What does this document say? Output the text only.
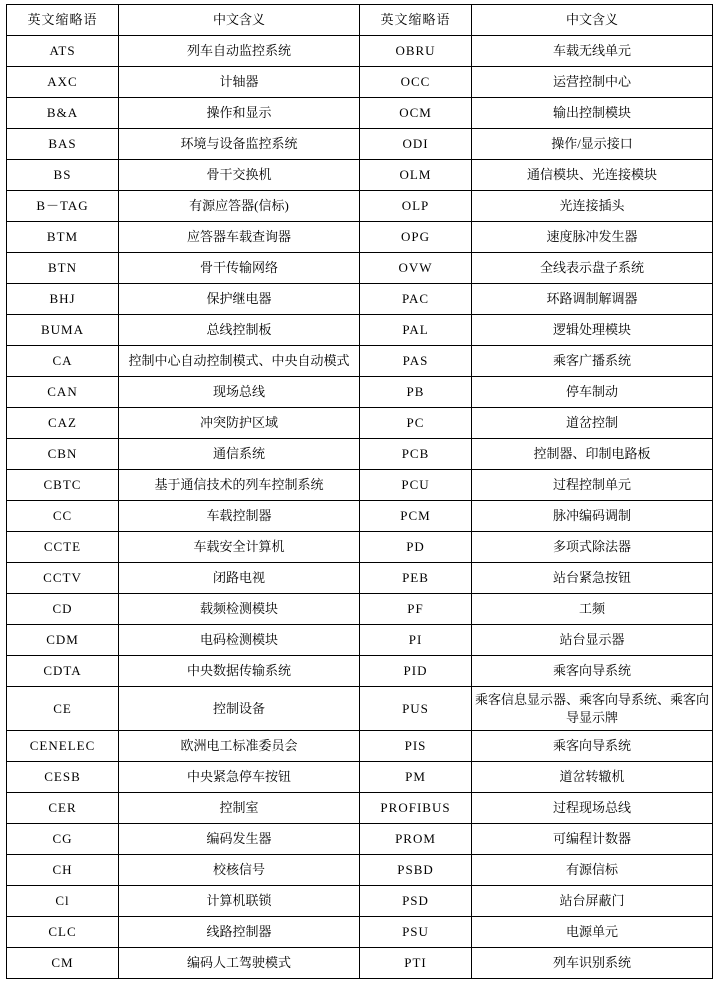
英文缩略语	中文含义	英文缩略语	中文含义
ATS	列车自动监控系统	OBRU	车载无线单元
AXC	计轴器	OCC	运营控制中心
B&A	操作和显示	OCM	输出控制模块
BAS	环境与设备监控系统	ODI	操作/显示接口
BS	骨干交换机	OLM	通信模块、光连接模块
B－TAG	有源应答器(信标)	OLP	光连接插头
BTM	应答器车载查询器	OPG	速度脉冲发生器
BTN	骨干传输网络	OVW	全线表示盘子系统
BHJ	保护继电器	PAC	环路调制解调器
BUMA	总线控制板	PAL	逻辑处理模块
CA	控制中心自动控制模式、中央自动模式	PAS	乘客广播系统
CAN	现场总线	PB	停车制动
CAZ	冲突防护区域	PC	道岔控制
CBN	通信系统	PCB	控制器、印制电路板
CBTC	基于通信技术的列车控制系统	PCU	过程控制单元
CC	车载控制器	PCM	脉冲编码调制
CCTE	车载安全计算机	PD	多项式除法器
CCTV	闭路电视	PEB	站台紧急按钮
CD	载频检测模块	PF	工频
CDM	电码检测模块	PI	站台显示器
CDTA	中央数据传输系统	PID	乘客向导系统
CE	控制设备	PUS	乘客信息显示器、乘客向导系统、乘客向导显示牌
CENELEC	欧洲电工标准委员会	PIS	乘客向导系统
CESB	中央紧急停车按钮	PM	道岔转辙机
CER	控制室	PROFIBUS	过程现场总线
CG	编码发生器	PROM	可编程计数器
CH	校核信号	PSBD	有源信标
Cl	计算机联锁	PSD	站台屏蔽门
CLC	线路控制器	PSU	电源单元
CM	编码人工驾驶模式	PTI	列车识别系统
